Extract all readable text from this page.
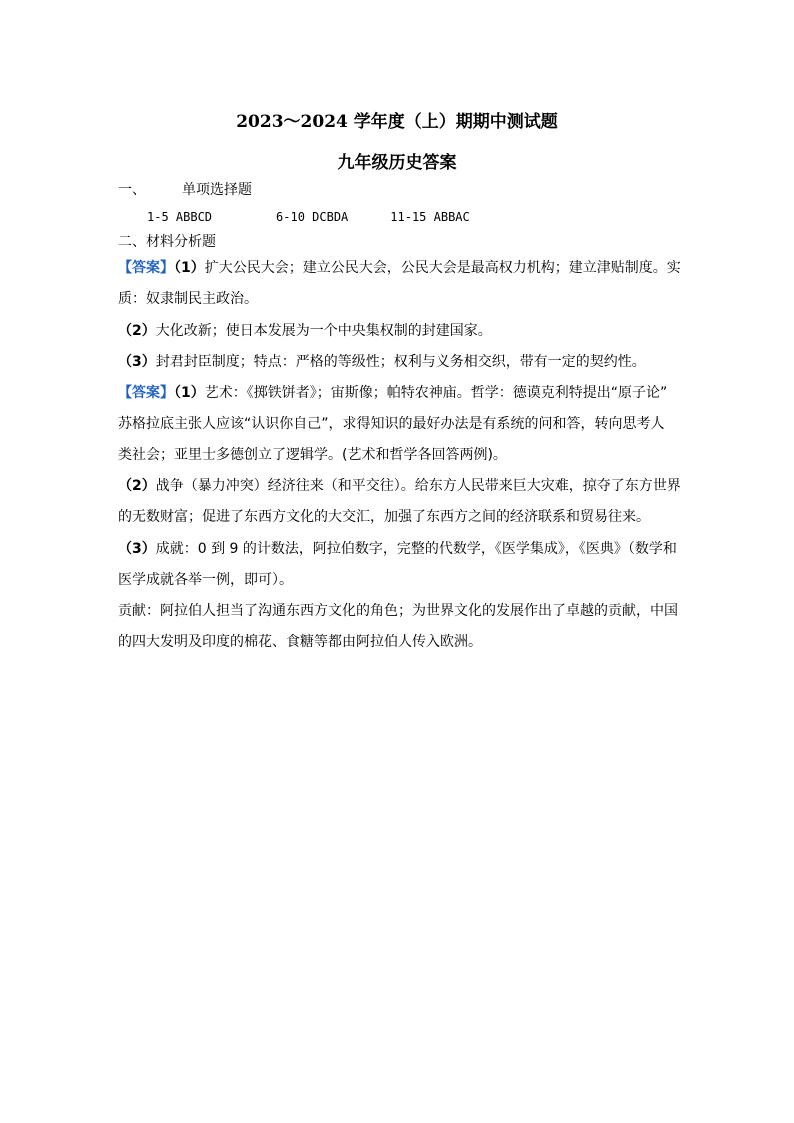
2023～2024 学年度（上）期期中测试题
九年级历史答案
一、	单项选择题
1-5 ABBCD	6-10 DCBDA	11-15 ABBAC
二、材料分析题
【答案】（1）扩大公民大会；建立公民大会，公民大会是最高权力机构；建立津贴制度。实
质：奴隶制民主政治。
（2）大化改新；使日本发展为一个中央集权制的封建国家。
（3）封君封臣制度；特点：严格的等级性；权利与义务相交织，带有一定的契约性。
【答案】（1）艺术：《掷铁饼者》；宙斯像；帕特农神庙。哲学：德谟克利特提出“原子论”
苏格拉底主张人应该“认识你自己”，求得知识的最好办法是有系统的问和答，转向思考人
类社会；亚里士多德创立了逻辑学。(艺术和哲学各回答两例)。
（2）战争（暴力冲突）经济往来（和平交往）。给东方人民带来巨大灾难，掠夺了东方世界
的无数财富；促进了东西方文化的大交汇，加强了东西方之间的经济联系和贸易往来。
（3）成就：0 到 9 的计数法，阿拉伯数字，完整的代数学，《医学集成》，《医典》（数学和
医学成就各举一例，即可）。
贡献：阿拉伯人担当了沟通东西方文化的角色；为世界文化的发展作出了卓越的贡献，中国
的四大发明及印度的棉花、食糖等都由阿拉伯人传入欧洲。
